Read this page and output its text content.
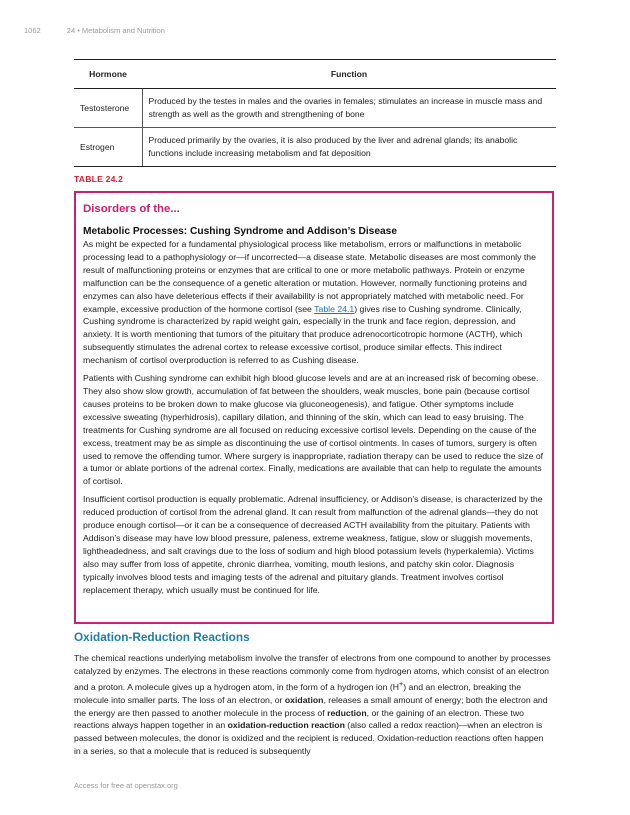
1062	24 • Metabolism and Nutrition
Hormone	Function
Testosterone	Produced by the testes in males and the ovaries in females; stimulates an increase in muscle mass and strength as well as the growth and strengthening of bone
Estrogen	Produced primarily by the ovaries, it is also produced by the liver and adrenal glands; its anabolic functions include increasing metabolism and fat deposition
TABLE 24.2
Disorders of the...
Metabolic Processes: Cushing Syndrome and Addison’s Disease

As might be expected for a fundamental physiological process like metabolism, errors or malfunctions in metabolic processing lead to a pathophysiology or—if uncorrected—a disease state. Metabolic diseases are most commonly the result of malfunctioning proteins or enzymes that are critical to one or more metabolic pathways. Protein or enzyme malfunction can be the consequence of a genetic alteration or mutation. However, normally functioning proteins and enzymes can also have deleterious effects if their availability is not appropriately matched with metabolic need. For example, excessive production of the hormone cortisol (see Table 24.1) gives rise to Cushing syndrome. Clinically, Cushing syndrome is characterized by rapid weight gain, especially in the trunk and face region, depression, and anxiety. It is worth mentioning that tumors of the pituitary that produce adrenocorticotropic hormone (ACTH), which subsequently stimulates the adrenal cortex to release excessive cortisol, produce similar effects. This indirect mechanism of cortisol overproduction is referred to as Cushing disease.

Patients with Cushing syndrome can exhibit high blood glucose levels and are at an increased risk of becoming obese. They also show slow growth, accumulation of fat between the shoulders, weak muscles, bone pain (because cortisol causes proteins to be broken down to make glucose via gluconeogenesis), and fatigue. Other symptoms include excessive sweating (hyperhidrosis), capillary dilation, and thinning of the skin, which can lead to easy bruising. The treatments for Cushing syndrome are all focused on reducing excessive cortisol levels. Depending on the cause of the excess, treatment may be as simple as discontinuing the use of cortisol ointments. In cases of tumors, surgery is often used to remove the offending tumor. Where surgery is inappropriate, radiation therapy can be used to reduce the size of a tumor or ablate portions of the adrenal cortex. Finally, medications are available that can help to regulate the amounts of cortisol.

Insufficient cortisol production is equally problematic. Adrenal insufficiency, or Addison’s disease, is characterized by the reduced production of cortisol from the adrenal gland. It can result from malfunction of the adrenal glands—they do not produce enough cortisol—or it can be a consequence of decreased ACTH availability from the pituitary. Patients with Addison’s disease may have low blood pressure, paleness, extreme weakness, fatigue, slow or sluggish movements, lightheadedness, and salt cravings due to the loss of sodium and high blood potassium levels (hyperkalemia). Victims also may suffer from loss of appetite, chronic diarrhea, vomiting, mouth lesions, and patchy skin color. Diagnosis typically involves blood tests and imaging tests of the adrenal and pituitary glands. Treatment involves cortisol replacement therapy, which usually must be continued for life.

Oxidation-Reduction Reactions

The chemical reactions underlying metabolism involve the transfer of electrons from one compound to another by processes catalyzed by enzymes. The electrons in these reactions commonly come from hydrogen atoms, which consist of an electron and a proton. A molecule gives up a hydrogen atom, in the form of a hydrogen ion (H+) and an electron, breaking the molecule into smaller parts. The loss of an electron, or oxidation, releases a small amount of energy; both the electron and the energy are then passed to another molecule in the process of reduction, or the gaining of an electron. These two reactions always happen together in an oxidation-reduction reaction (also called a redox reaction)—when an electron is passed between molecules, the donor is oxidized and the recipient is reduced. Oxidation-reduction reactions often happen in a series, so that a molecule that is reduced is subsequently

Access for free at openstax.org
